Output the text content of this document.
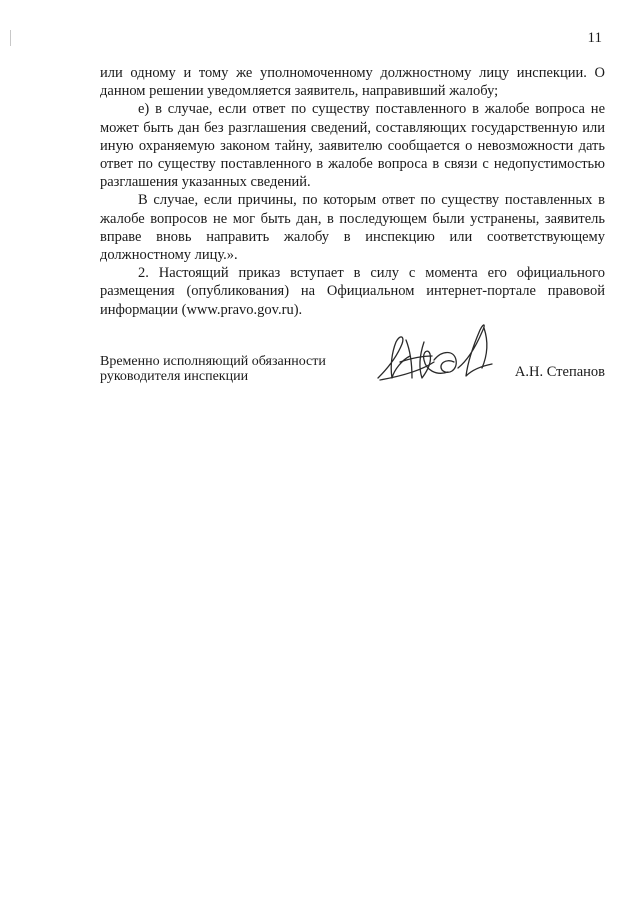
11

или одному и тому же уполномоченному должностному лицу инспекции. О данном решении уведомляется заявитель, направивший жалобу;

е) в случае, если ответ по существу поставленного в жалобе вопроса не может быть дан без разглашения сведений, составляющих государственную или иную охраняемую законом тайну, заявителю сообщается о невозможности дать ответ по существу поставленного в жалобе вопроса в связи с недопустимостью разглашения указанных сведений.

В случае, если причины, по которым ответ по существу поставленных в жалобе вопросов не мог быть дан, в последующем были устранены, заявитель вправе вновь направить жалобу в инспекцию или соответствующему должностному лицу.».

2. Настоящий приказ вступает в силу с момента его официального размещения (опубликования) на Официальном интернет-портале правовой информации (www.pravo.gov.ru).

Временно исполняющий обязанности
руководителя инспекции	А.Н. Степанов
